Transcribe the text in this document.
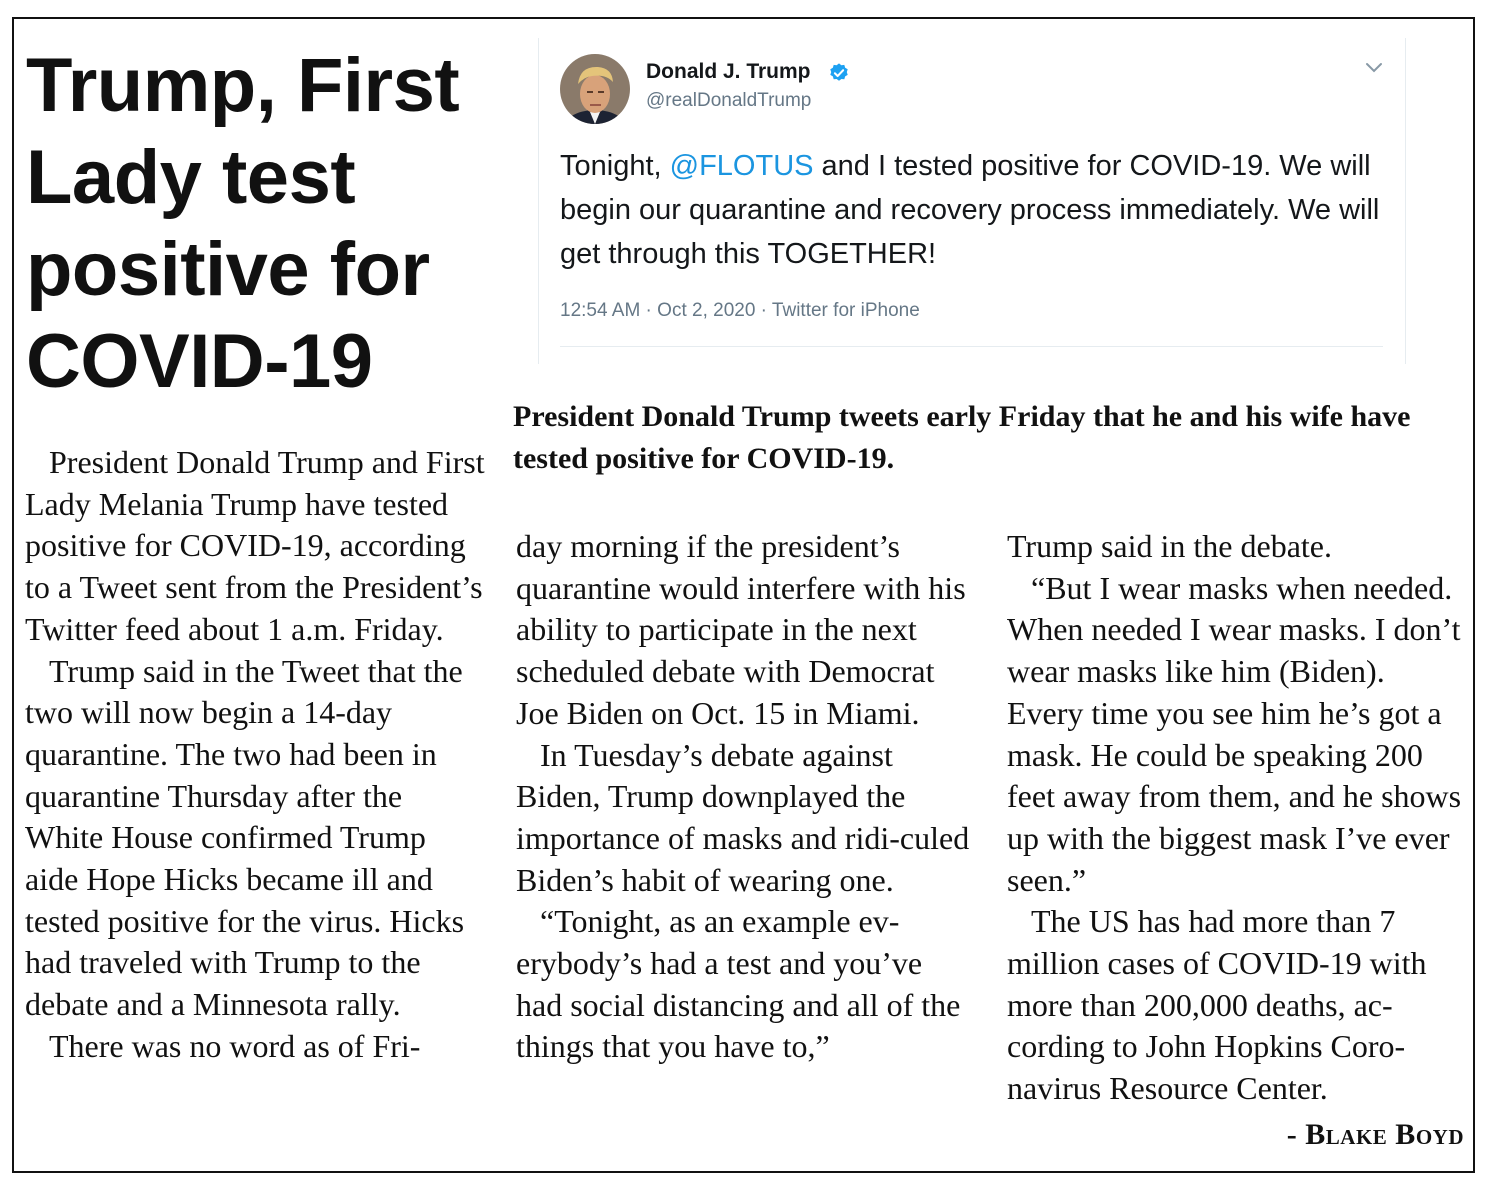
Trump, First Lady test positive for COVID-19
Donald J. Trump
@realDonaldTrump

Tonight, @FLOTUS and I tested positive for COVID-19. We will begin our quarantine and recovery process immediately. We will get through this TOGETHER!

12:54 AM · Oct 2, 2020 · Twitter for iPhone

President Donald Trump tweets early Friday that he and his wife have tested positive for COVID-19.

President Donald Trump and First Lady Melania Trump have tested positive for COVID-19, according to a Tweet sent from the President’s Twitter feed about 1 a.m. Friday.

Trump said in the Tweet that the two will now begin a 14-day quarantine. The two had been in quarantine Thursday after the White House confirmed Trump aide Hope Hicks became ill and tested positive for the virus. Hicks had traveled with Trump to the debate and a Minnesota rally.

There was no word as of Fri-

day morning if the president’s quarantine would interfere with his ability to participate in the next scheduled debate with Democrat Joe Biden on Oct. 15 in Miami.

In Tuesday’s debate against Biden, Trump downplayed the importance of masks and ridi-culed Biden’s habit of wearing one.

“Tonight, as an example ev-erybody’s had a test and you’ve had social distancing and all of the things that you have to,”

Trump said in the debate.

“But I wear masks when needed. When needed I wear masks. I don’t wear masks like him (Biden). Every time you see him he’s got a mask. He could be speaking 200 feet away from them, and he shows up with the biggest mask I’ve ever seen.”

The US has had more than 7 million cases of COVID-19 with more than 200,000 deaths, ac-cording to John Hopkins Coro-navirus Resource Center.

- Blake Boyd
